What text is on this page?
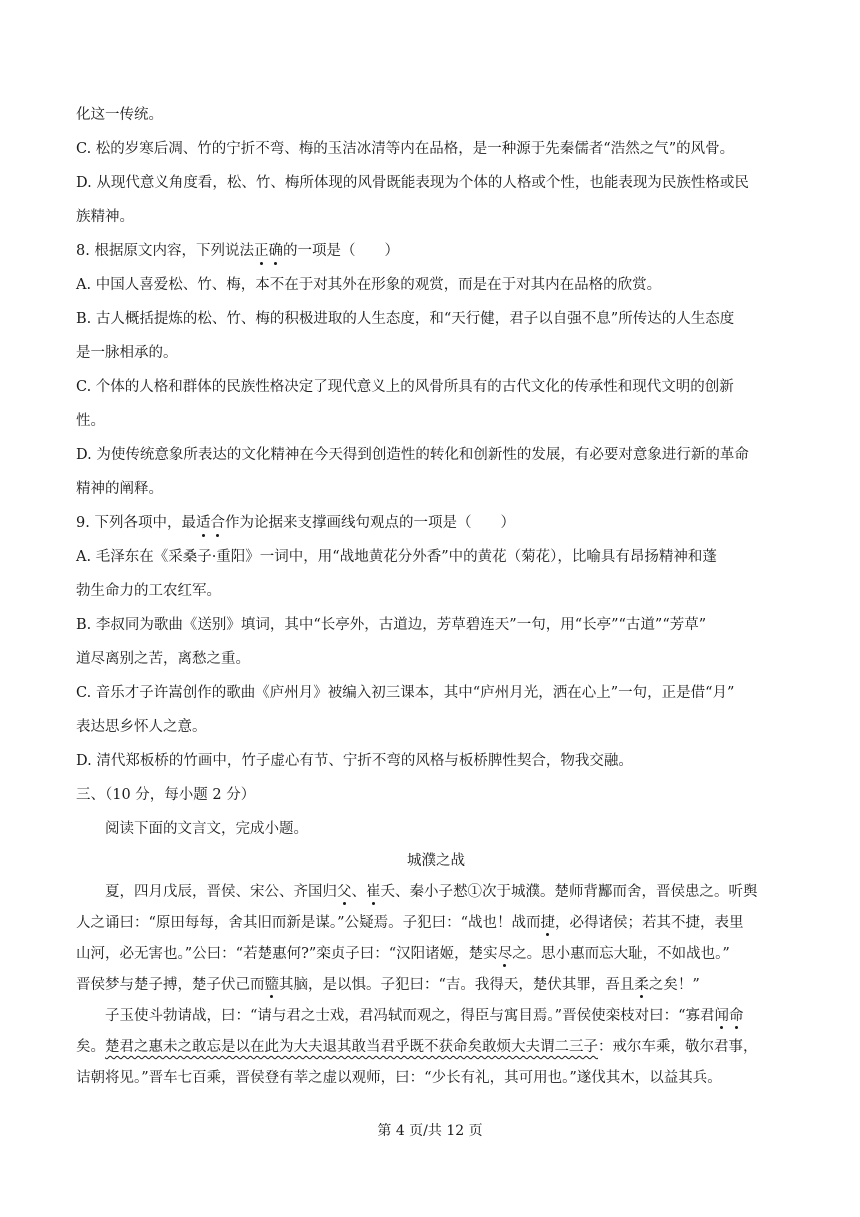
化这一传统。
C. 松的岁寒后凋、竹的宁折不弯、梅的玉洁冰清等内在品格，是一种源于先秦儒者“浩然之气”的风骨。
D. 从现代意义角度看，松、竹、梅所体现的风骨既能表现为个体的人格或个性，也能表现为民族性格或民
族精神。
8. 根据原文内容，下列说法正确的一项是（　　）
A. 中国人喜爱松、竹、梅，本不在于对其外在形象的观赏，而是在于对其内在品格的欣赏。
B. 古人概括提炼的松、竹、梅的积极进取的人生态度，和“天行健，君子以自强不息”所传达的人生态度
是一脉相承的。
C. 个体的人格和群体的民族性格决定了现代意义上的风骨所具有的古代文化的传承性和现代文明的创新
性。
D. 为使传统意象所表达的文化精神在今天得到创造性的转化和创新性的发展，有必要对意象进行新的革命
精神的阐释。
9. 下列各项中，最适合作为论据来支撑画线句观点的一项是（　　）
A. 毛泽东在《采桑子·重阳》一词中，用“战地黄花分外香”中的黄花（菊花），比喻具有昂扬精神和蓬
勃生命力的工农红军。
B. 李叔同为歌曲《送别》填词，其中“长亭外，古道边，芳草碧连天”一句，用“长亭”“古道”“芳草”
道尽离别之苦，离愁之重。
C. 音乐才子许嵩创作的歌曲《庐州月》被编入初三课本，其中“庐州月光，洒在心上”一句，正是借“月”
表达思乡怀人之意。
D. 清代郑板桥的竹画中，竹子虚心有节、宁折不弯的风格与板桥脾性契合，物我交融。
三、（10 分，每小题 2 分）
阅读下面的文言文，完成小题。
城濮之战
夏，四月戊辰，晋侯、宋公、齐国归父、崔夭、秦小子慭①次于城濮。楚师背酅而舍，晋侯患之。听舆
人之诵曰：“原田每每，舍其旧而新是谋。”公疑焉。子犯曰：“战也！战而捷，必得诸侯；若其不捷，表里
山河，必无害也。”公曰：“若楚惠何?”栾贞子曰：“汉阳诸姬，楚实尽之。思小惠而忘大耻，不如战也。”
晋侯梦与楚子搏，楚子伏己而盬其脑，是以惧。子犯曰：“吉。我得天，楚伏其罪，吾且柔之矣！”
子玉使斗勃请战，曰：“请与君之士戏，君冯轼而观之，得臣与寓目焉。”晋侯使栾枝对曰：“寡君闻命
矣。楚君之惠未之敢忘是以在此为大夫退其敢当君乎既不获命矣敢烦大夫谓二三子：戒尔车乘，敬尔君事，
诘朝将见。”晋车七百乘，晋侯登有莘之虚以观师，曰：“少长有礼，其可用也。”遂伐其木，以益其兵。
第 4 页/共 12 页
